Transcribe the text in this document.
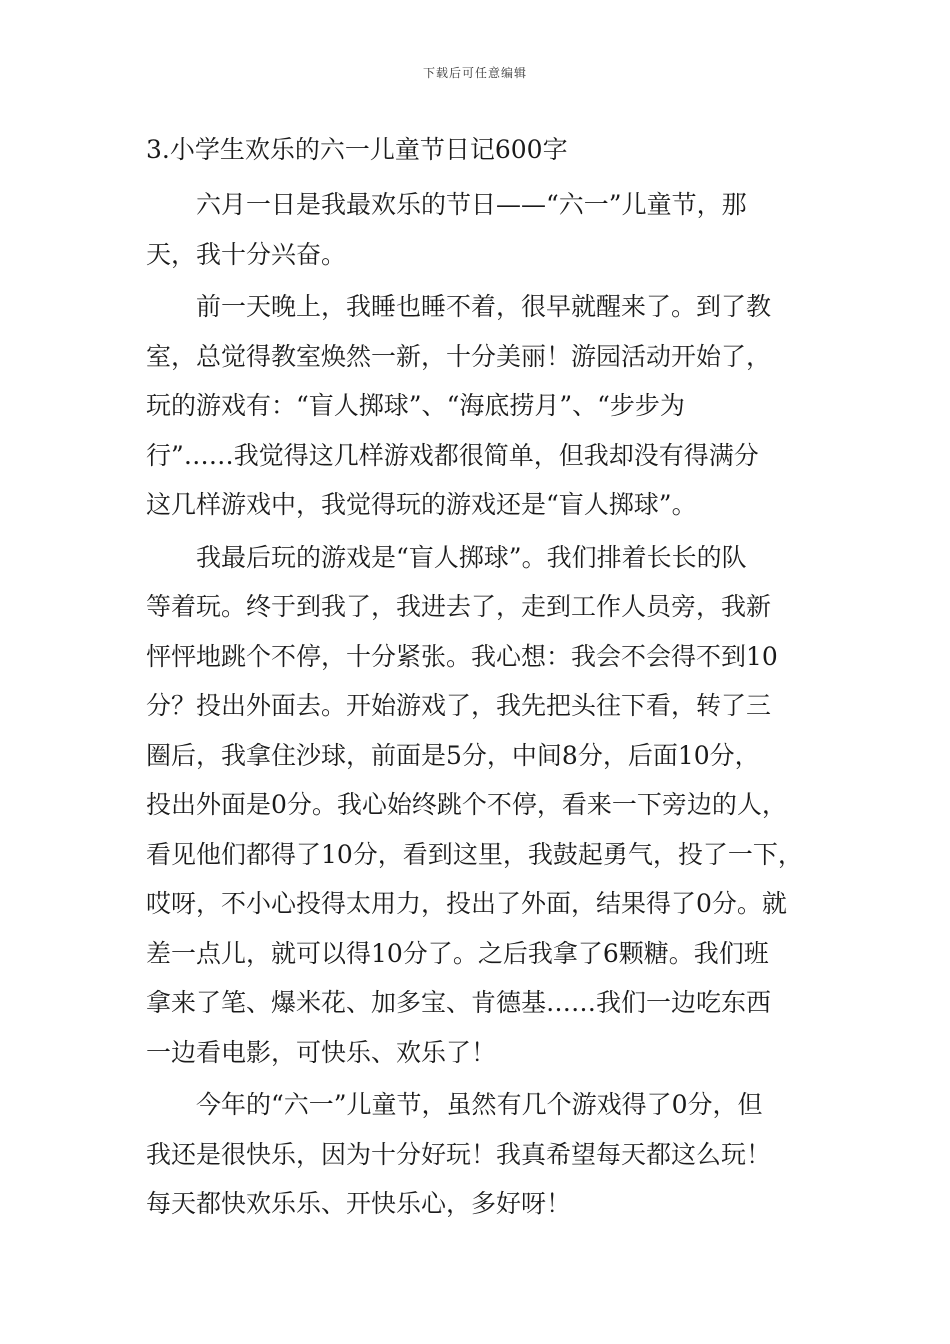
下载后可任意编辑
3.小学生欢乐的六一儿童节日记600字
六月一日是我最欢乐的节日——“六一”儿童节，那
天，我十分兴奋。
前一天晚上，我睡也睡不着，很早就醒来了。到了教
室，总觉得教室焕然一新，十分美丽！游园活动开始了，
玩的游戏有：“盲人掷球”、“海底捞月”、“步步为
行”……我觉得这几样游戏都很简单，但我却没有得满分
这几样游戏中，我觉得玩的游戏还是“盲人掷球”。
我最后玩的游戏是“盲人掷球”。我们排着长长的队
等着玩。终于到我了，我进去了，走到工作人员旁，我新
怦怦地跳个不停，十分紧张。我心想：我会不会得不到10
分？投出外面去。开始游戏了，我先把头往下看，转了三
圈后，我拿住沙球，前面是5分，中间8分，后面10分，
投出外面是0分。我心始终跳个不停，看来一下旁边的人，
看见他们都得了10分，看到这里，我鼓起勇气，投了一下，
哎呀，不小心投得太用力，投出了外面，结果得了0分。就
差一点儿，就可以得10分了。之后我拿了6颗糖。我们班
拿来了笔、爆米花、加多宝、肯德基……我们一边吃东西
一边看电影，可快乐、欢乐了！
今年的“六一”儿童节，虽然有几个游戏得了0分，但
我还是很快乐，因为十分好玩！我真希望每天都这么玩！
每天都快欢乐乐、开快乐心，多好呀！
